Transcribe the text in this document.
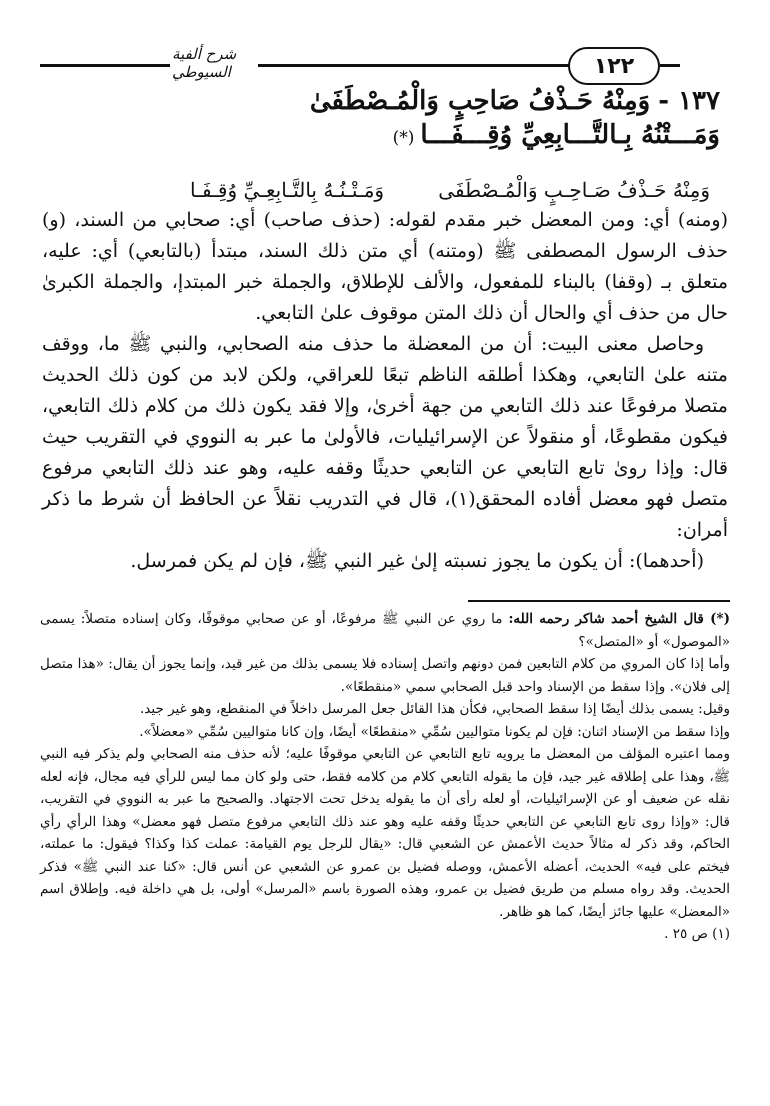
شرح ألفية السيوطي	١٢٢
١٣٧ -وَمِنْهُ حَـذْفُ صَاحِبٍ وَالْمُـصْطَفَىٰ
وَمَـــتْنُهُ بِـالتَّـــابِعِيِّ وُقِـــفَـــا(*)
وَمِنْهُ حَـذْفُ صَـاحِـبٍ وَالْمُـصْطَفَى
وَمَـتْـنُـهُ بِالتَّـابِعِـيِّ وُقِـفَـا

(ومنه) أي: ومن المعضل خبر مقدم لقوله: (حذف صاحب) أي: صحابي من السند، (و) حذف الرسول المصطفى ﷺ (ومتنه) أي متن ذلك السند، مبتدأ (بالتابعي) أي: عليه، متعلق بـ (وقفا) بالبناء للمفعول، والألف للإطلاق، والجملة خبر المبتدإ، والجملة الكبرىٰ حال من حذف أي والحال أن ذلك المتن موقوف علىٰ التابعي.

وحاصل معنى البيت: أن من المعضلة ما حذف منه الصحابي، والنبي ﷺ ما، ووقف متنه علىٰ التابعي، وهكذا أطلقه الناظم تبعًا للعراقي، ولكن لابد من كون ذلك الحديث متصلا مرفوعًا عند ذلك التابعي من جهة أخرىٰ، وإلا فقد يكون ذلك من كلام ذلك التابعي، فيكون مقطوعًا، أو منقولاً عن الإسرائيليات، فالأولىٰ ما عبر به النووي في التقريب حيث قال: وإذا روىٰ تابع التابعي عن التابعي حديثًا وقفه عليه، وهو عند ذلك التابعي مرفوع متصل فهو معضل أفاده المحقق(١)، قال في التدريب نقلاً عن الحافظ أن شرط ما ذكر أمران:

(أحدهما): أن يكون ما يجوز نسبته إلىٰ غير النبي ﷺ، فإن لم يكن فمرسل.

(*) قال الشيخ أحمد شاكر رحمه الله: ما روي عن النبي ﷺ مرفوعًا، أو عن صحابي موقوفًا، وكان إسناده متصلاً: يسمى «الموصول» أو «المتصل»؟

وأما إذا كان المروي من كلام التابعين فمن دونهم واتصل إسناده فلا يسمى بذلك من غير قيد، وإنما يجوز أن يقال: «هذا متصل إلى فلان». وإذا سقط من الإسناد واحد قبل الصحابي سمي «منقطعًا».

وقيل: يسمى بذلك أيضًا إذا سقط الصحابي، فكأن هذا القائل جعل المرسل داخلاً في المنقطع، وهو غير جيد.

وإذا سقط من الإسناد اثنان: فإن لم يكونا متواليين سُمِّي «منقطعًا» أيضًا، وإن كانا متواليين سُمِّي «معضلاً».

ومما اعتبره المؤلف من المعضل ما يرويه تابع التابعي عن التابعي موقوفًا عليه؛ لأنه حذف منه الصحابي ولم يذكر فيه النبي ﷺ، وهذا على إطلاقه غير جيد، فإن ما يقوله التابعي كلام من كلامه فقط، حتى ولو كان مما ليس للرأي فيه مجال، فإنه لعله نقله عن ضعيف أو عن الإسرائيليات، أو لعله رأى أن ما يقوله يدخل تحت الاجتهاد. والصحيح ما عبر به النووي في التقريب، قال: «وإذا روى تابع التابعي عن التابعي حديثًا وقفه عليه وهو عند ذلك التابعي مرفوع متصل فهو معضل» وهذا الرأي رأي الحاكم، وقد ذكر له مثالاً حديث الأعمش عن الشعبي قال: «يقال للرجل يوم القيامة: عملت كذا وكذا؟ فيقول: ما عملته، فيختم على فيه» الحديث، أعضله الأعمش، ووصله فضيل بن عمرو عن الشعبي عن أنس قال: «كنا عند النبي ﷺ» فذكر الحديث. وقد رواه مسلم من طريق فضيل بن عمرو، وهذه الصورة باسم «المرسل» أولى، بل هي داخلة فيه. وإطلاق اسم «المعضل» عليها جائز أيضًا، كما هو ظاهر.

(١) ص ٢٥ .
